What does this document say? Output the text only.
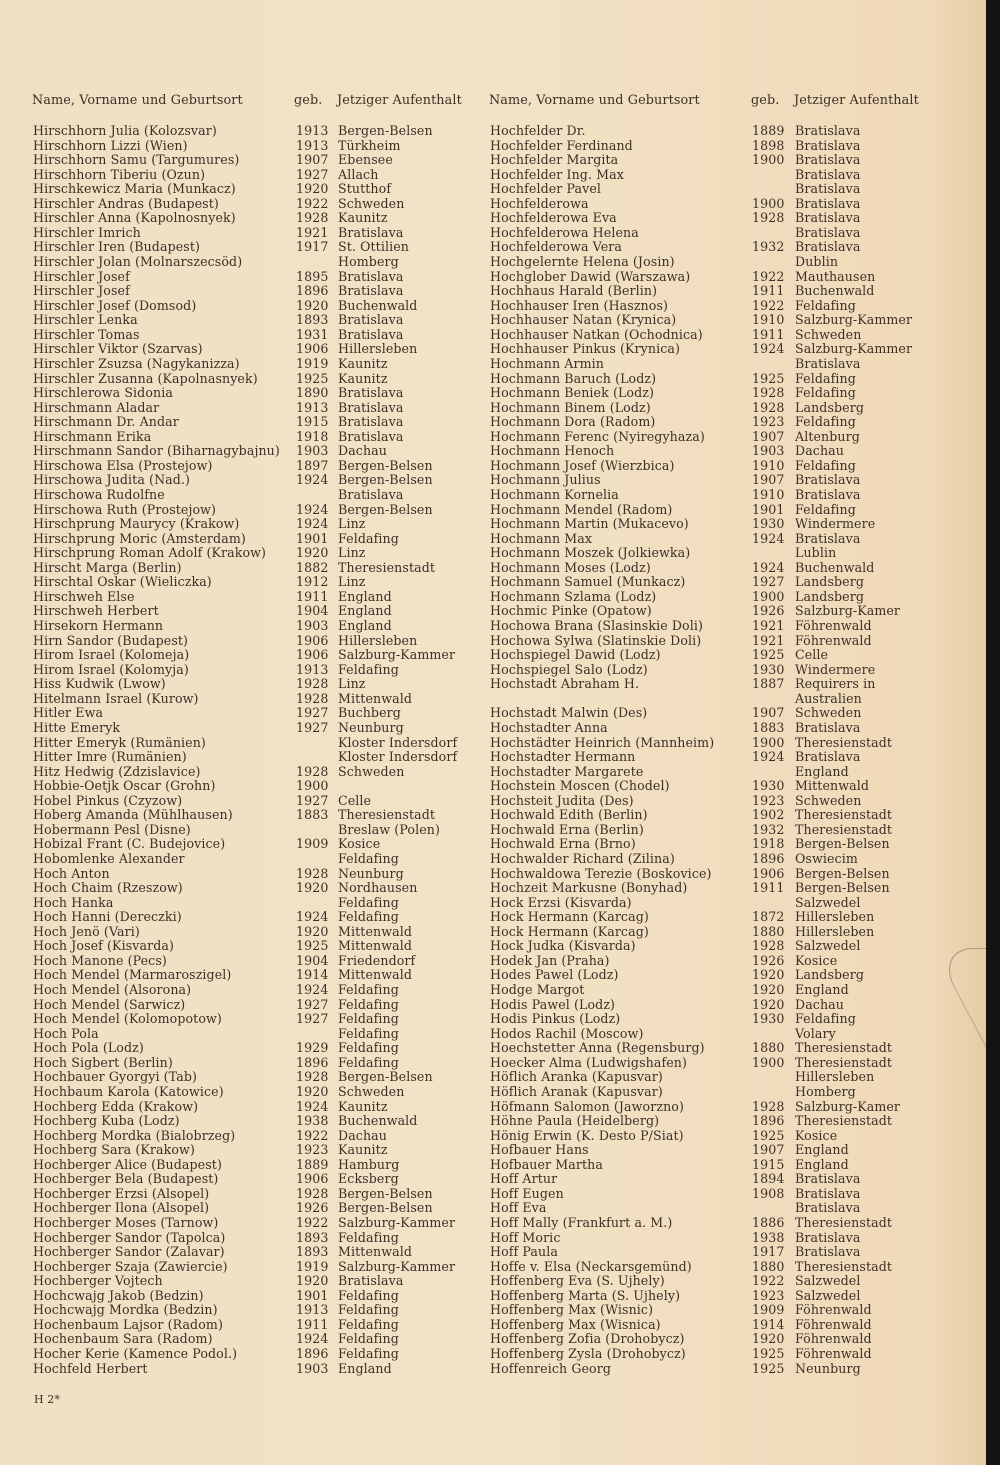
Name, Vorname und Geburtsort	geb. Jetziger Aufenthalt Name, Vorname und Geburtsort	geb. Jetziger Aufenthalt
Hirschhorn Julia (Kolozsvar)	1913 Bergen-Belsen
Hirschhorn Lizzi (Wien)	1913 Türkheim
Hirschhorn Samu (Targumures)	1907 Ebensee
Hirschhorn Tiberiu (Ozun)	1927 Allach
Hirschkewicz Maria (Munkacz)	1920 Stutthof
Hirschler Andras (Budapest)	1922 Schweden
Hirschler Anna (Kapolnosnyek)	1928 Kaunitz
Hirschler Imrich	1921 Bratislava
Hirschler Iren (Budapest)	1917 St. Ottilien
Hirschler Jolan (Molnarszecsöd)	Homberg
Hirschler Josef	1895 Bratislava
Hirschler Josef	1896 Bratislava
Hirschler Josef (Domsod)	1920 Buchenwald
Hirschler Lenka	1893 Bratislava
Hirschler Tomas	1931 Bratislava
Hirschler Viktor (Szarvas)	1906 Hillersleben
Hirschler Zsuzsa (Nagykanizza)	1919 Kaunitz
Hirschler Zusanna (Kapolnasnyek)	1925 Kaunitz
Hirschlerowa Sidonia	1890 Bratislava
Hirschmann Aladar	1913 Bratislava
Hirschmann Dr. Andar	1915 Bratislava
Hirschmann Erika	1918 Bratislava
Hirschmann Sandor (Biharnagybajnu) 1903 Dachau
Hirschowa Elsa (Prostejow)	1897 Bergen-Belsen
Hirschowa Judita (Nad.)	1924 Bergen-Belsen
Hirschowa Rudolfne	Bratislava
Hirschowa Ruth (Prostejow)	1924 Bergen-Belsen
Hirschprung Maurycy (Krakow)	1924 Linz
Hirschprung Moric (Amsterdam)	1901 Feldafing
Hirschprung Roman Adolf (Krakow) 1920 Linz
Hirscht Marga (Berlin)	1882 Theresienstadt
Hirschtal Oskar (Wieliczka)	1912 Linz
Hirschweh Else	1911 England
Hirschweh Herbert	1904 England
Hirsekorn Hermann	1903 England
Hirn Sandor (Budapest)	1906 Hillersleben
Hirom Israel (Kolomeja)	1906 Salzburg-Kammer
Hirom Israel (Kolomyja)	1913 Feldafing
Hiss Kudwik (Lwow)	1928 Linz
Hitelmann Israel (Kurow)	1928 Mittenwald
Hitler Ewa	1927 Buchberg
Hitte Emeryk	1927 Neunburg
Hitter Emeryk (Rumänien)	Kloster Indersdorf
Hitter Imre (Rumänien)	Kloster Indersdorf
Hitz Hedwig (Zdzislavice)	1928 Schweden
Hobbie-Oetjk Oscar (Grohn)	1900
Hobel Pinkus (Czyzow)	1927 Celle
Hoberg Amanda (Mühlhausen)	1883 Theresienstadt
Hobermann Pesl (Disne)	Breslaw (Polen)
Hobizal Frant (C. Budejovice)	1909 Kosice
Hobomlenke Alexander	Feldafing
Hoch Anton	1928 Neunburg
Hoch Chaim (Rzeszow)	1920 Nordhausen
Hoch Hanka	Feldafing
Hoch Hanni (Dereczki)	1924 Feldafing
Hoch Jenö (Vari)	1920 Mittenwald
Hoch Josef (Kisvarda)	1925 Mittenwald
Hoch Manone (Pecs)	1904 Friedendorf
Hoch Mendel (Marmaroszigel)	1914 Mittenwald
Hoch Mendel (Alsorona)	1924 Feldafing
Hoch Mendel (Sarwicz)	1927 Feldafing
Hoch Mendel (Kolomopotow)	1927 Feldafing
Hoch Pola	Feldafing
Hoch Pola (Lodz)	1929 Feldafing
Hoch Sigbert (Berlin)	1896 Feldafing
Hochbauer Gyorgyi (Tab)	1928 Bergen-Belsen
Hochbaum Karola (Katowice)	1920 Schweden
Hochberg Edda (Krakow)	1924 Kaunitz
Hochberg Kuba (Lodz)	1938 Buchenwald
Hochberg Mordka (Bialobrzeg)	1922 Dachau
Hochberg Sara (Krakow)	1923 Kaunitz
Hochberger Alice (Budapest)	1889 Hamburg
Hochberger Bela (Budapest)	1906 Ecksberg
Hochberger Erzsi (Alsopel)	1928 Bergen-Belsen
Hochberger Ilona (Alsopel)	1926 Bergen-Belsen
Hochberger Moses (Tarnow)	1922 Salzburg-Kammer
Hochberger Sandor (Tapolca)	1893 Feldafing
Hochberger Sandor (Zalavar)	1893 Mittenwald
Hochberger Szaja (Zawiercie)	1919 Salzburg-Kammer
Hochberger Vojtech	1920 Bratislava
Hochcwajg Jakob (Bedzin)	1901 Feldafing
Hochcwajg Mordka (Bedzin)	1913 Feldafing
Hochenbaum Lajsor (Radom)	1911 Feldafing
Hochenbaum Sara (Radom)	1924 Feldafing
Hocher Kerie (Kamence Podol.)	1896 Feldafing
Hochfeld Herbert	1903 England
Hochfelder Dr.	1889 Bratislava
Hochfelder Ferdinand	1898 Bratislava
Hochfelder Margita	1900 Bratislava
Hochfelder Ing. Max	Bratislava
Hochfelder Pavel	Bratislava
Hochfelderowa	1900 Bratislava
Hochfelderowa Eva	1928 Bratislava
Hochfelderowa Helena	Bratislava
Hochfelderowa Vera	1932 Bratislava
Hochgelernte Helena (Josin)	Dublin
Hochglober Dawid (Warszawa)	1922 Mauthausen
Hochhaus Harald (Berlin)	1911 Buchenwald
Hochhauser Iren (Hasznos)	1922 Feldafing
Hochhauser Natan (Krynica)	1910 Salzburg-Kammer
Hochhauser Natkan (Ochodnica)	1911 Schweden
Hochhauser Pinkus (Krynica)	1924 Salzburg-Kammer
Hochmann Armin	Bratislava
Hochmann Baruch (Lodz)	1925 Feldafing
Hochmann Beniek (Lodz)	1928 Feldafing
Hochmann Binem (Lodz)	1928 Landsberg
Hochmann Dora (Radom)	1923 Feldafing
Hochmann Ferenc (Nyiregyhaza)	1907 Altenburg
Hochmann Henoch	1903 Dachau
Hochmann Josef (Wierzbica)	1910 Feldafing
Hochmann Julius	1907 Bratislava
Hochmann Kornelia	1910 Bratislava
Hochmann Mendel (Radom)	1901 Feldafing
Hochmann Martin (Mukacevo)	1930 Windermere
Hochmann Max	1924 Bratislava
Hochmann Moszek (Jolkiewka)	Lublin
Hochmann Moses (Lodz)	1924 Buchenwald
Hochmann Samuel (Munkacz)	1927 Landsberg
Hochmann Szlama (Lodz)	1900 Landsberg
Hochmic Pinke (Opatow)	1926 Salzburg-Kamer
Hochowa Brana (Slasinskie Doli)	1921 Föhrenwald
Hochowa Sylwa (Slatinskie Doli)	1921 Föhrenwald
Hochspiegel Dawid (Lodz)	1925 Celle
Hochspiegel Salo (Lodz)	1930 Windermere
Hochstadt Abraham H.	1887 Requirers in
Australien
Hochstadt Malwin (Des)	1907 Schweden
Hochstadter Anna	1883 Bratislava
Hochstädter Heinrich (Mannheim)	1900 Theresienstadt
Hochstadter Hermann	1924 Bratislava
Hochstadter Margarete	England
Hochstein Moscen (Chodel)	1930 Mittenwald
Hochsteit Judita (Des)	1923 Schweden
Hochwald Edith (Berlin)	1902 Theresienstadt
Hochwald Erna (Berlin)	1932 Theresienstadt
Hochwald Erna (Brno)	1918 Bergen-Belsen
Hochwalder Richard (Zilina)	1896 Oswiecim
Hochwaldowa Terezie (Boskovice)	1906 Bergen-Belsen
Hochzeit Markusne (Bonyhad)	1911 Bergen-Belsen
Hock Erzsi (Kisvarda)	Salzwedel
Hock Hermann (Karcag)	1872 Hillersleben
Hock Hermann (Karcag)	1880 Hillersleben
Hock Judka (Kisvarda)	1928 Salzwedel
Hodek Jan (Praha)	1926 Kosice
Hodes Pawel (Lodz)	1920 Landsberg
Hodge Margot	1920 England
Hodis Pawel (Lodz)	1920 Dachau
Hodis Pinkus (Lodz)	1930 Feldafing
Hodos Rachil (Moscow)	Volary
Hoechstetter Anna (Regensburg)	1880 Theresienstadt
Hoecker Alma (Ludwigshafen)	1900 Theresienstadt
Höflich Aranka (Kapusvar)	Hillersleben
Höflich Aranak (Kapusvar)	Homberg
Höfmann Salomon (Jaworzno)	1928 Salzburg-Kamer
Höhne Paula (Heidelberg)	1896 Theresienstadt
Hönig Erwin (K. Desto P/Siat)	1925 Kosice
Hofbauer Hans	1907 England
Hofbauer Martha	1915 England
Hoff Artur	1894 Bratislava
Hoff Eugen	1908 Bratislava
Hoff Eva	Bratislava
Hoff Mally (Frankfurt a. M.)	1886 Theresienstadt
Hoff Moric	1938 Bratislava
Hoff Paula	1917 Bratislava
Hoffe v. Elsa (Neckarsgemünd)	1880 Theresienstadt
Hoffenberg Eva (S. Ujhely)	1922 Salzwedel
Hoffenberg Marta (S. Ujhely)	1923 Salzwedel
Hoffenberg Max (Wisnic)	1909 Föhrenwald
Hoffenberg Max (Wisnica)	1914 Föhrenwald
Hoffenberg Zofia (Drohobycz)	1920 Föhrenwald
Hoffenberg Zysla (Drohobycz)	1925 Föhrenwald
Hoffenreich Georg	1925 Neunburg
H 2*
